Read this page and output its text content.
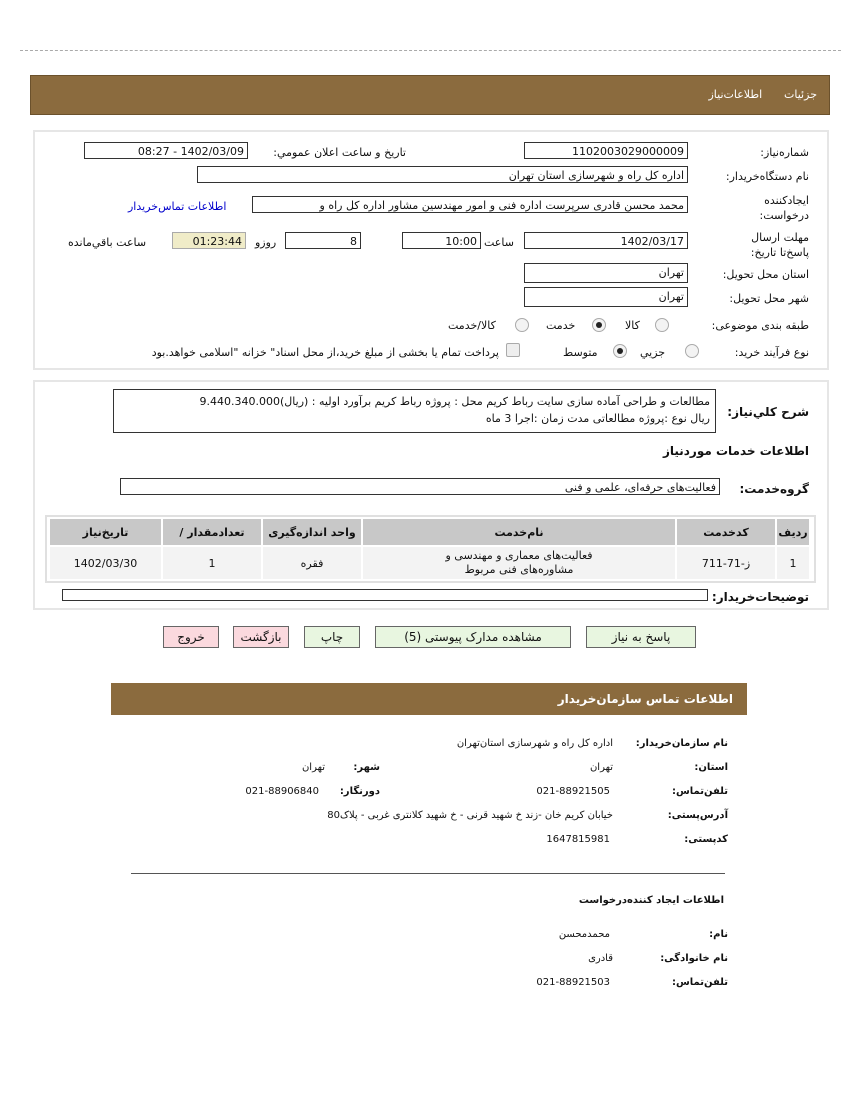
جزئیات اطلاعات‌نیاز
شماره‌نیاز:
1102003029000009
تاریخ و ساعت اعلان عمومي:
1402/03/09 - 08:27
نام دستگاه‌خریدار:
اداره کل راه و شهرسازی استان تهران
ایجادکننده درخواست:
محمد محسن قادری سرپرست اداره فنی و امور مهندسین مشاور اداره کل راه و
اطلاعات تماس‌خریدار
مهلت ارسال پاسخ‌تا تاریخ:
1402/03/17
ساعت
10:00
8
روزو
01:23:44
ساعت باقي‌مانده
استان محل تحویل:
تهران
شهر محل تحویل:
تهران
طبقه بندی موضوعی:
کالا
خدمت
کالا/خدمت
نوع فرآیند خرید:
جزيي
متوسط
پرداخت تمام یا بخشی از مبلغ خرید،از محل اسناد" خزانه "اسلامی خواهد.بود
شرح کلي‌نیاز:
مطالعات و طراحی آماده سازی سایت رباط کریم محل : پروژه رباط کریم برآورد اولیه : (ریال)9.440.340.000
ریال نوع :پروژه مطالعاتی مدت زمان :اجرا 3 ماه
اطلاعات خدمات موردنیاز
گروه‌خدمت:
فعالیت‌های حرفه‌ای، علمی و فنی
ردیف	کدخدمت	نام‌خدمت	واحد اندازه‌گیری	تعدادمقدار /	تاریخ‌نیاز
1	ز-71-711	فعالیت‌های معماری و مهندسی و مشاوره‌های فنی مربوط	فقره	1	1402/03/30
توضیحات‌خریدار:
پاسخ به نیاز
مشاهده مدارک پیوستی (5)
چاپ
بازگشت
خروج
اطلاعات تماس سازمان‌خریدار
نام سازمان‌خریدار:
اداره کل راه و شهرسازی استان‌تهران
استان:
تهران
شهر:
تهران
تلفن‌تماس:
021-88921505
دورنگار:
021-88906840
آدرس‌پستی:
خیابان کریم خان -زند خ شهید قرنی - خ شهید کلانتری غربی - پلاک80
کدپستی:
1647815981
اطلاعات ایجاد کننده‌درخواست
نام:
محمدمحسن
نام خانوادگی:
قادری
تلفن‌تماس:
021-88921503
